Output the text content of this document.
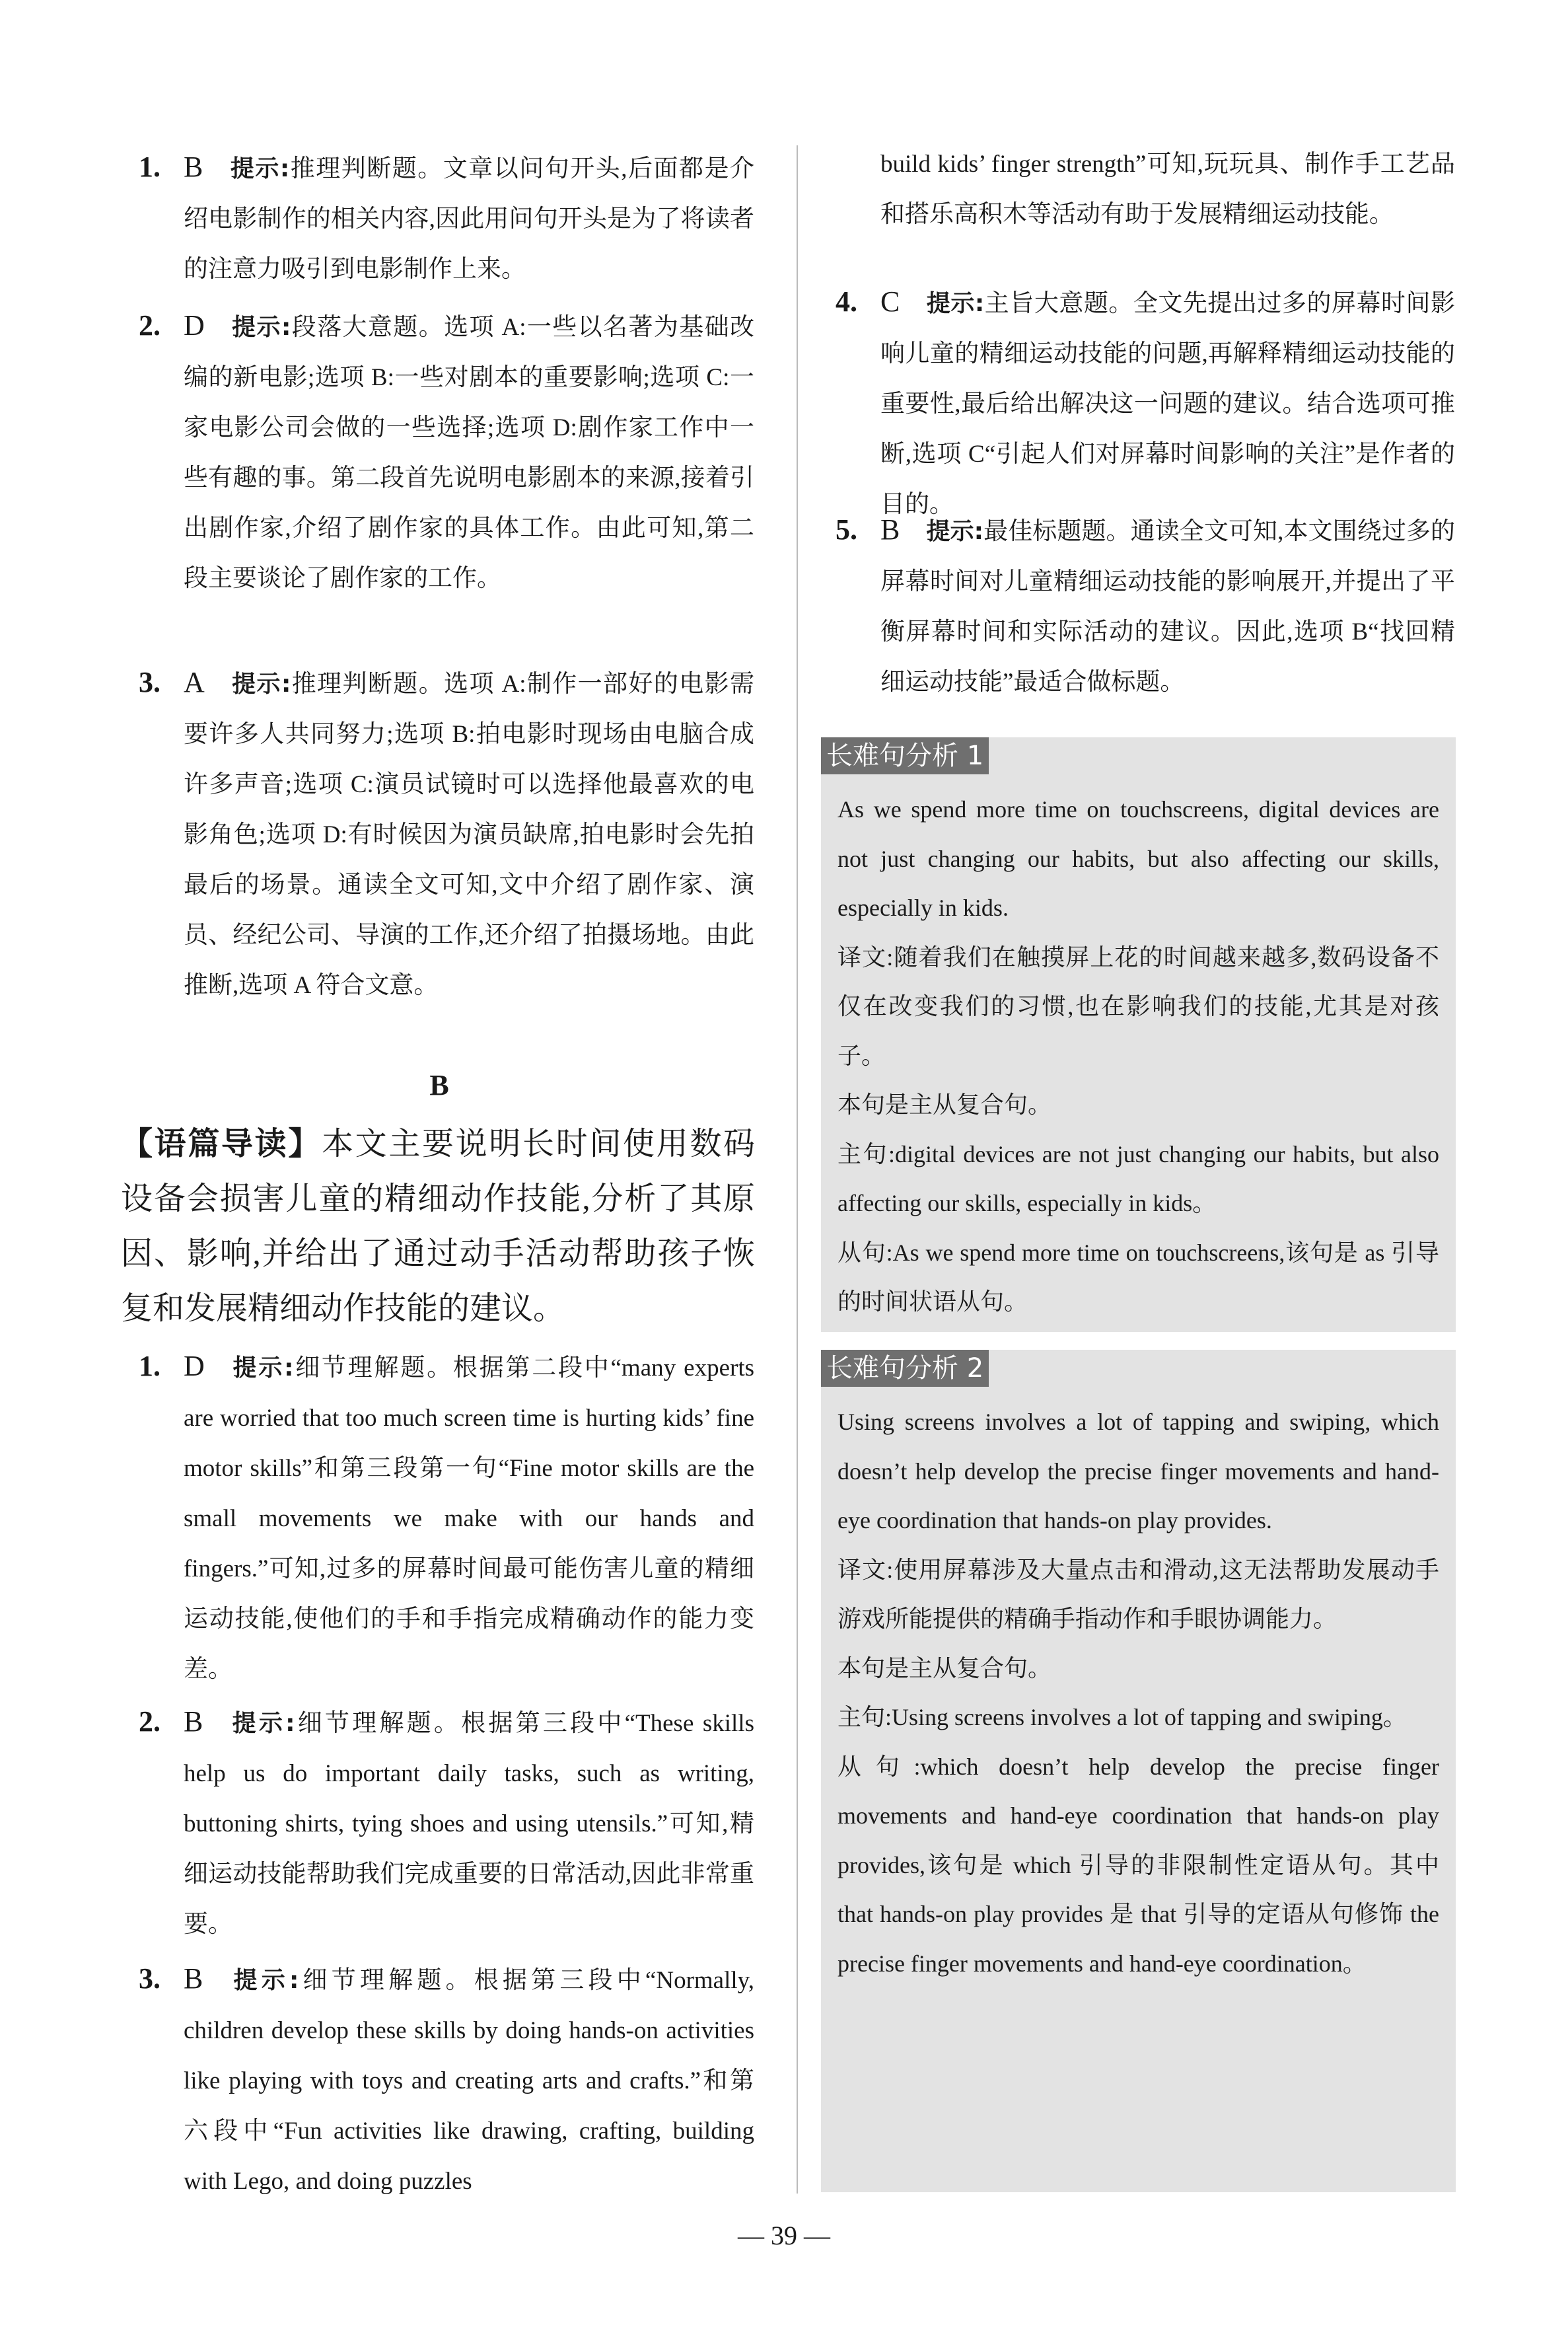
1. B 提示:推理判断题。文章以问句开头,后面都是介绍电影制作的相关内容,因此用问句开头是为了将读者的注意力吸引到电影制作上来。
2. D 提示:段落大意题。选项 A:一些以名著为基础改编的新电影;选项 B:一些对剧本的重要影响;选项 C:一家电影公司会做的一些选择;选项 D:剧作家工作中一些有趣的事。第二段首先说明电影剧本的来源,接着引出剧作家,介绍了剧作家的具体工作。由此可知,第二段主要谈论了剧作家的工作。
3. A 提示:推理判断题。选项 A:制作一部好的电影需要许多人共同努力;选项 B:拍电影时现场由电脑合成许多声音;选项 C:演员试镜时可以选择他最喜欢的电影角色;选项 D:有时候因为演员缺席,拍电影时会先拍最后的场景。通读全文可知,文中介绍了剧作家、演员、经纪公司、导演的工作,还介绍了拍摄场地。由此推断,选项 A 符合文意。
B
【语篇导读】本文主要说明长时间使用数码设备会损害儿童的精细动作技能,分析了其原因、影响,并给出了通过动手活动帮助孩子恢复和发展精细动作技能的建议。
1. D 提示:细节理解题。根据第二段中“many experts are worried that too much screen time is hurting kids’ fine motor skills”和第三段第一句“Fine motor skills are the small movements we make with our hands and fingers.”可知,过多的屏幕时间最可能伤害儿童的精细运动技能,使他们的手和手指完成精确动作的能力变差。
2. B 提示:细节理解题。根据第三段中“These skills help us do important daily tasks, such as writing, buttoning shirts, tying shoes and using utensils.”可知,精细运动技能帮助我们完成重要的日常活动,因此非常重要。
3. B 提示:细节理解题。根据第三段中“Normally, children develop these skills by doing hands-on activities like playing with toys and creating arts and crafts.”和第六段中“Fun activities like drawing, crafting, building with Lego, and doing puzzles
build kids’ finger strength”可知,玩玩具、制作手工艺品和搭乐高积木等活动有助于发展精细运动技能。
4. C 提示:主旨大意题。全文先提出过多的屏幕时间影响儿童的精细运动技能的问题,再解释精细运动技能的重要性,最后给出解决这一问题的建议。结合选项可推断,选项 C“引起人们对屏幕时间影响的关注”是作者的目的。
5. B 提示:最佳标题题。通读全文可知,本文围绕过多的屏幕时间对儿童精细运动技能的影响展开,并提出了平衡屏幕时间和实际活动的建议。因此,选项 B“找回精细运动技能”最适合做标题。
长难句分析 1

As we spend more time on touchscreens, digital devices are not just changing our habits, but also affecting our skills, especially in kids.

译文:随着我们在触摸屏上花的时间越来越多,数码设备不仅在改变我们的习惯,也在影响我们的技能,尤其是对孩子。

本句是主从复合句。

主句:digital devices are not just changing our habits, but also affecting our skills, especially in kids。

从句:As we spend more time on touchscreens,该句是 as 引导的时间状语从句。

长难句分析 2

Using screens involves a lot of tapping and swiping, which doesn’t help develop the precise finger movements and hand-eye coordination that hands-on play provides.

译文:使用屏幕涉及大量点击和滑动,这无法帮助发展动手游戏所能提供的精确手指动作和手眼协调能力。

本句是主从复合句。

主句:Using screens involves a lot of tapping and swiping。

从句:which doesn’t help develop the precise finger movements and hand-eye coordination that hands-on play provides,该句是 which 引导的非限制性定语从句。其中 that hands-on play provides 是 that 引导的定语从句修饰 the precise finger movements and hand-eye coordination。

— 39 —
